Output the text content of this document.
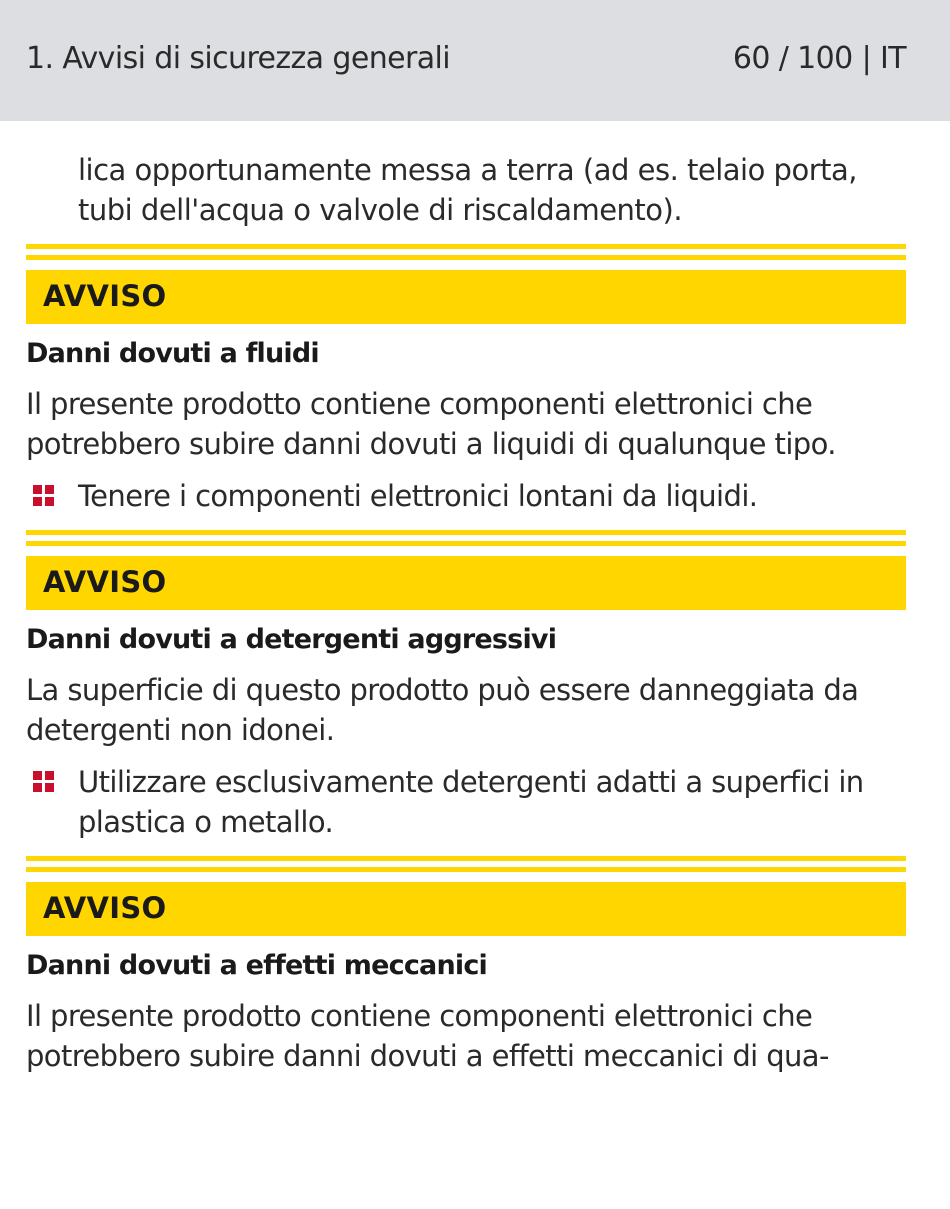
1. Avvisi di sicurezza generali	60 / 100 | IT

lica opportunamente messa a terra (ad es. telaio porta,
tubi dell'acqua o valvole di riscaldamento).

AVVISO
Danni dovuti a fluidi

Il presente prodotto contiene componenti elettronici che
potrebbero subire danni dovuti a liquidi di qualunque tipo.

Tenere i componenti elettronici lontani da liquidi.
AVVISO
Danni dovuti a detergenti aggressivi

La superficie di questo prodotto può essere danneggiata da
detergenti non idonei.

Utilizzare esclusivamente detergenti adatti a superfici in
plastica o metallo.
AVVISO
Danni dovuti a effetti meccanici

Il presente prodotto contiene componenti elettronici che
potrebbero subire danni dovuti a effetti meccanici di qua-
